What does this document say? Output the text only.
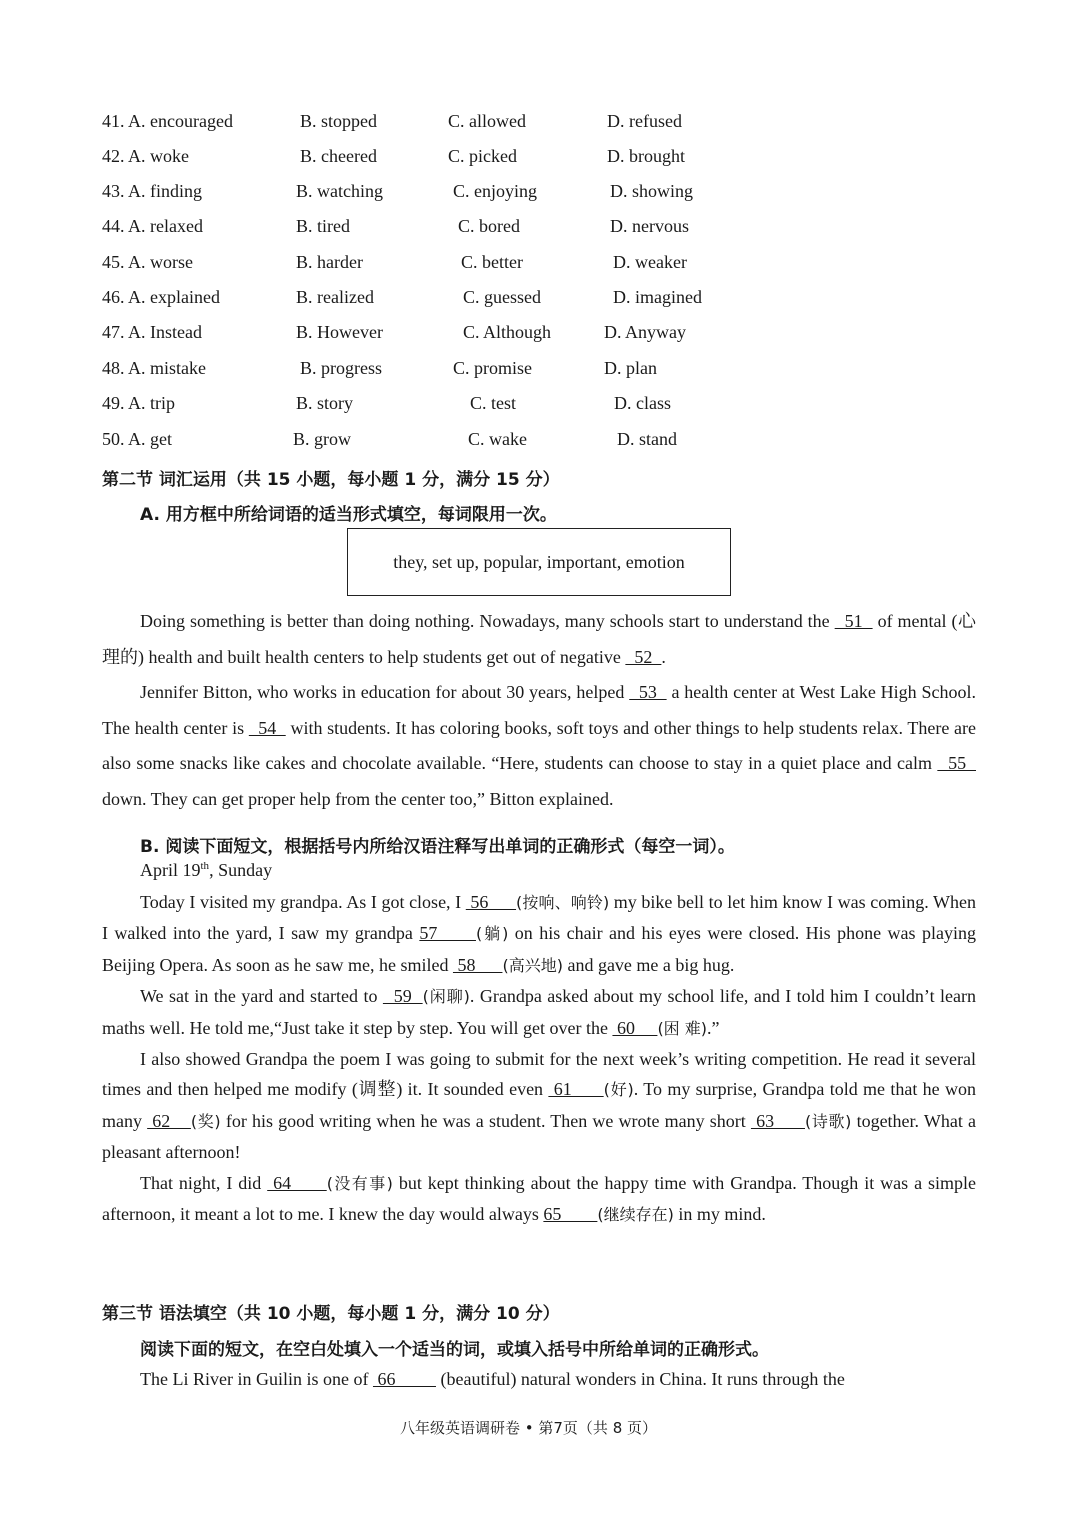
41. A. encouraged	B. stopped	C. allowed	D. refused
42. A. woke	B. cheered	C. picked	D. brought
43. A. finding	B. watching	C. enjoying	D. showing
44. A. relaxed	B. tired	C. bored	D. nervous
45. A. worse	B. harder	C. better	D. weaker
46. A. explained	B. realized	C. guessed	D. imagined
47. A. Instead	B. However	C. Although	D. Anyway
48. A. mistake	B. progress	C. promise	D. plan
49. A. trip	B. story	C. test	D. class
50. A. get	B. grow	C. wake	D. stand
第二节 词汇运用（共 15 小题，每小题 1 分，满分 15 分）
A. 用方框中所给词语的适当形式填空，每词限用一次。
they, set up, popular, important, emotion

Doing something is better than doing nothing. Nowadays, many schools start to understand the   51   of mental (心理的) health and built health centers to help students get out of negative   52  .

Jennifer Bitton, who works in education for about 30 years, helped   53   a health center at West Lake High School. The health center is   54   with students. It has coloring books, soft toys and other things to help students relax. There are also some snacks like cakes and chocolate available. “Here, students can choose to stay in a quiet place and calm   55   down. They can get proper help from the center too,” Bitton explained.

B. 阅读下面短文，根据括号内所给汉语注释写出单词的正确形式（每空一词）。
April 19th, Sunday

Today I visited my grandpa. As I got close, I  56      (按响、响铃) my bike bell to let him know I was coming. When I walked into the yard, I saw my grandpa 57      (躺) on his chair and his eyes were closed. His phone was playing Beijing Opera. As soon as he saw me, he smiled  58      (高兴地) and gave me a big hug.

We sat in the yard and started to   59  (闲聊). Grandpa asked about my school life, and I told him I couldn’t learn maths well. He told me,“Just take it step by step. You will get over the  60     (困 难).”

I also showed Grandpa the poem I was going to submit for the next week’s writing competition. He read it several times and then helped me modify (调整) it. It sounded even  61      (好). To my surprise, Grandpa told me that he won many  62    (奖) for his good writing when he was a student. Then we wrote many short  63      (诗歌) together. What a pleasant afternoon!

That night, I did  64      (没有事) but kept thinking about the happy time with Grandpa. Though it was a simple afternoon, it meant a lot to me. I knew the day would always 65        (继续存在) in my mind.

第三节 语法填空（共 10 小题，每小题 1 分，满分 10 分）
阅读下面的短文，在空白处填入一个适当的词，或填入括号中所给单词的正确形式。
The Li River in Guilin is one of  66          (beautiful) natural wonders in China. It runs through the
八年级英语调研卷 • 第7页（共 8 页）
